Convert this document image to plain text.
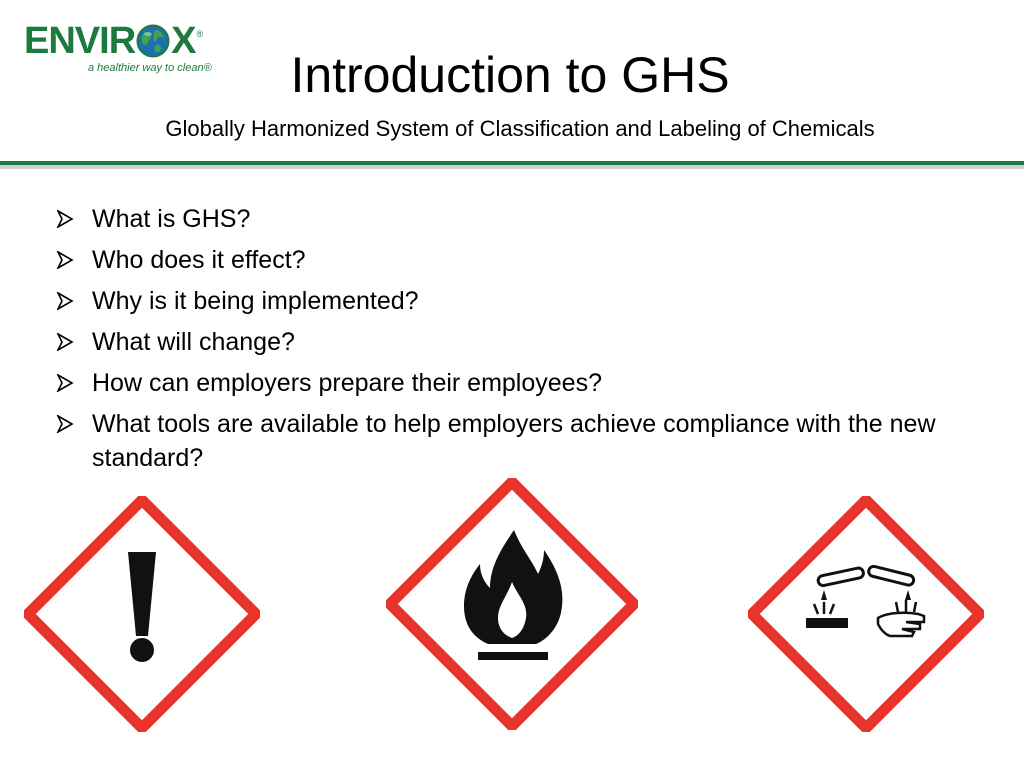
ENVIR X ®
a healthier way to clean®	Introduction to GHS
Globally Harmonized System of Classification and Labeling of Chemicals
What is GHS?
Who does it effect?
Why is it being implemented?
What will change?
How can employers prepare their employees?
What tools are available to help employers achieve compliance with the new standard?
